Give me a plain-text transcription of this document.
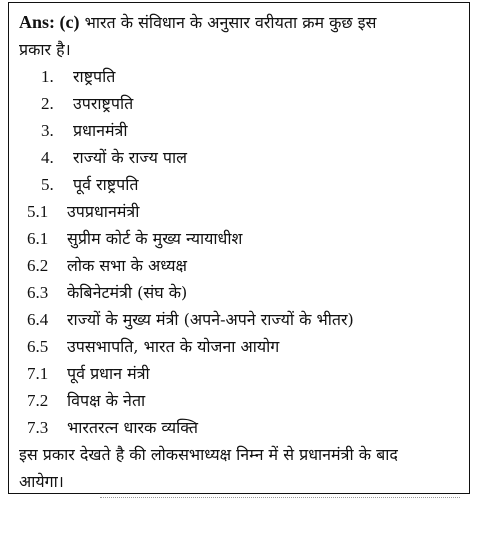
Ans: (c) भारत के संविधान के अनुसार वरीयता क्रम कुछ इस
प्रकार है।

1.	राष्ट्रपति
2.	उपराष्ट्रपति
3.	प्रधानमंत्री
4.	राज्यों के राज्य पाल
5.	पूर्व राष्ट्रपति
5.1	उपप्रधानमंत्री
6.1	सुप्रीम कोर्ट के मुख्य न्यायाधीश
6.2	लोक सभा के अध्यक्ष
6.3	केबिनेटमंत्री (संघ के)
6.4	राज्यों के मुख्य मंत्री (अपने-अपने राज्यों के भीतर)
6.5	उपसभापति, भारत के योजना आयोग
7.1	पूर्व प्रधान मंत्री
7.2	विपक्ष के नेता
7.3	भारतरत्न धारक व्यक्ति

इस प्रकार देखते है की लोकसभाध्यक्ष निम्न में से प्रधानमंत्री के बाद
आयेगा।
